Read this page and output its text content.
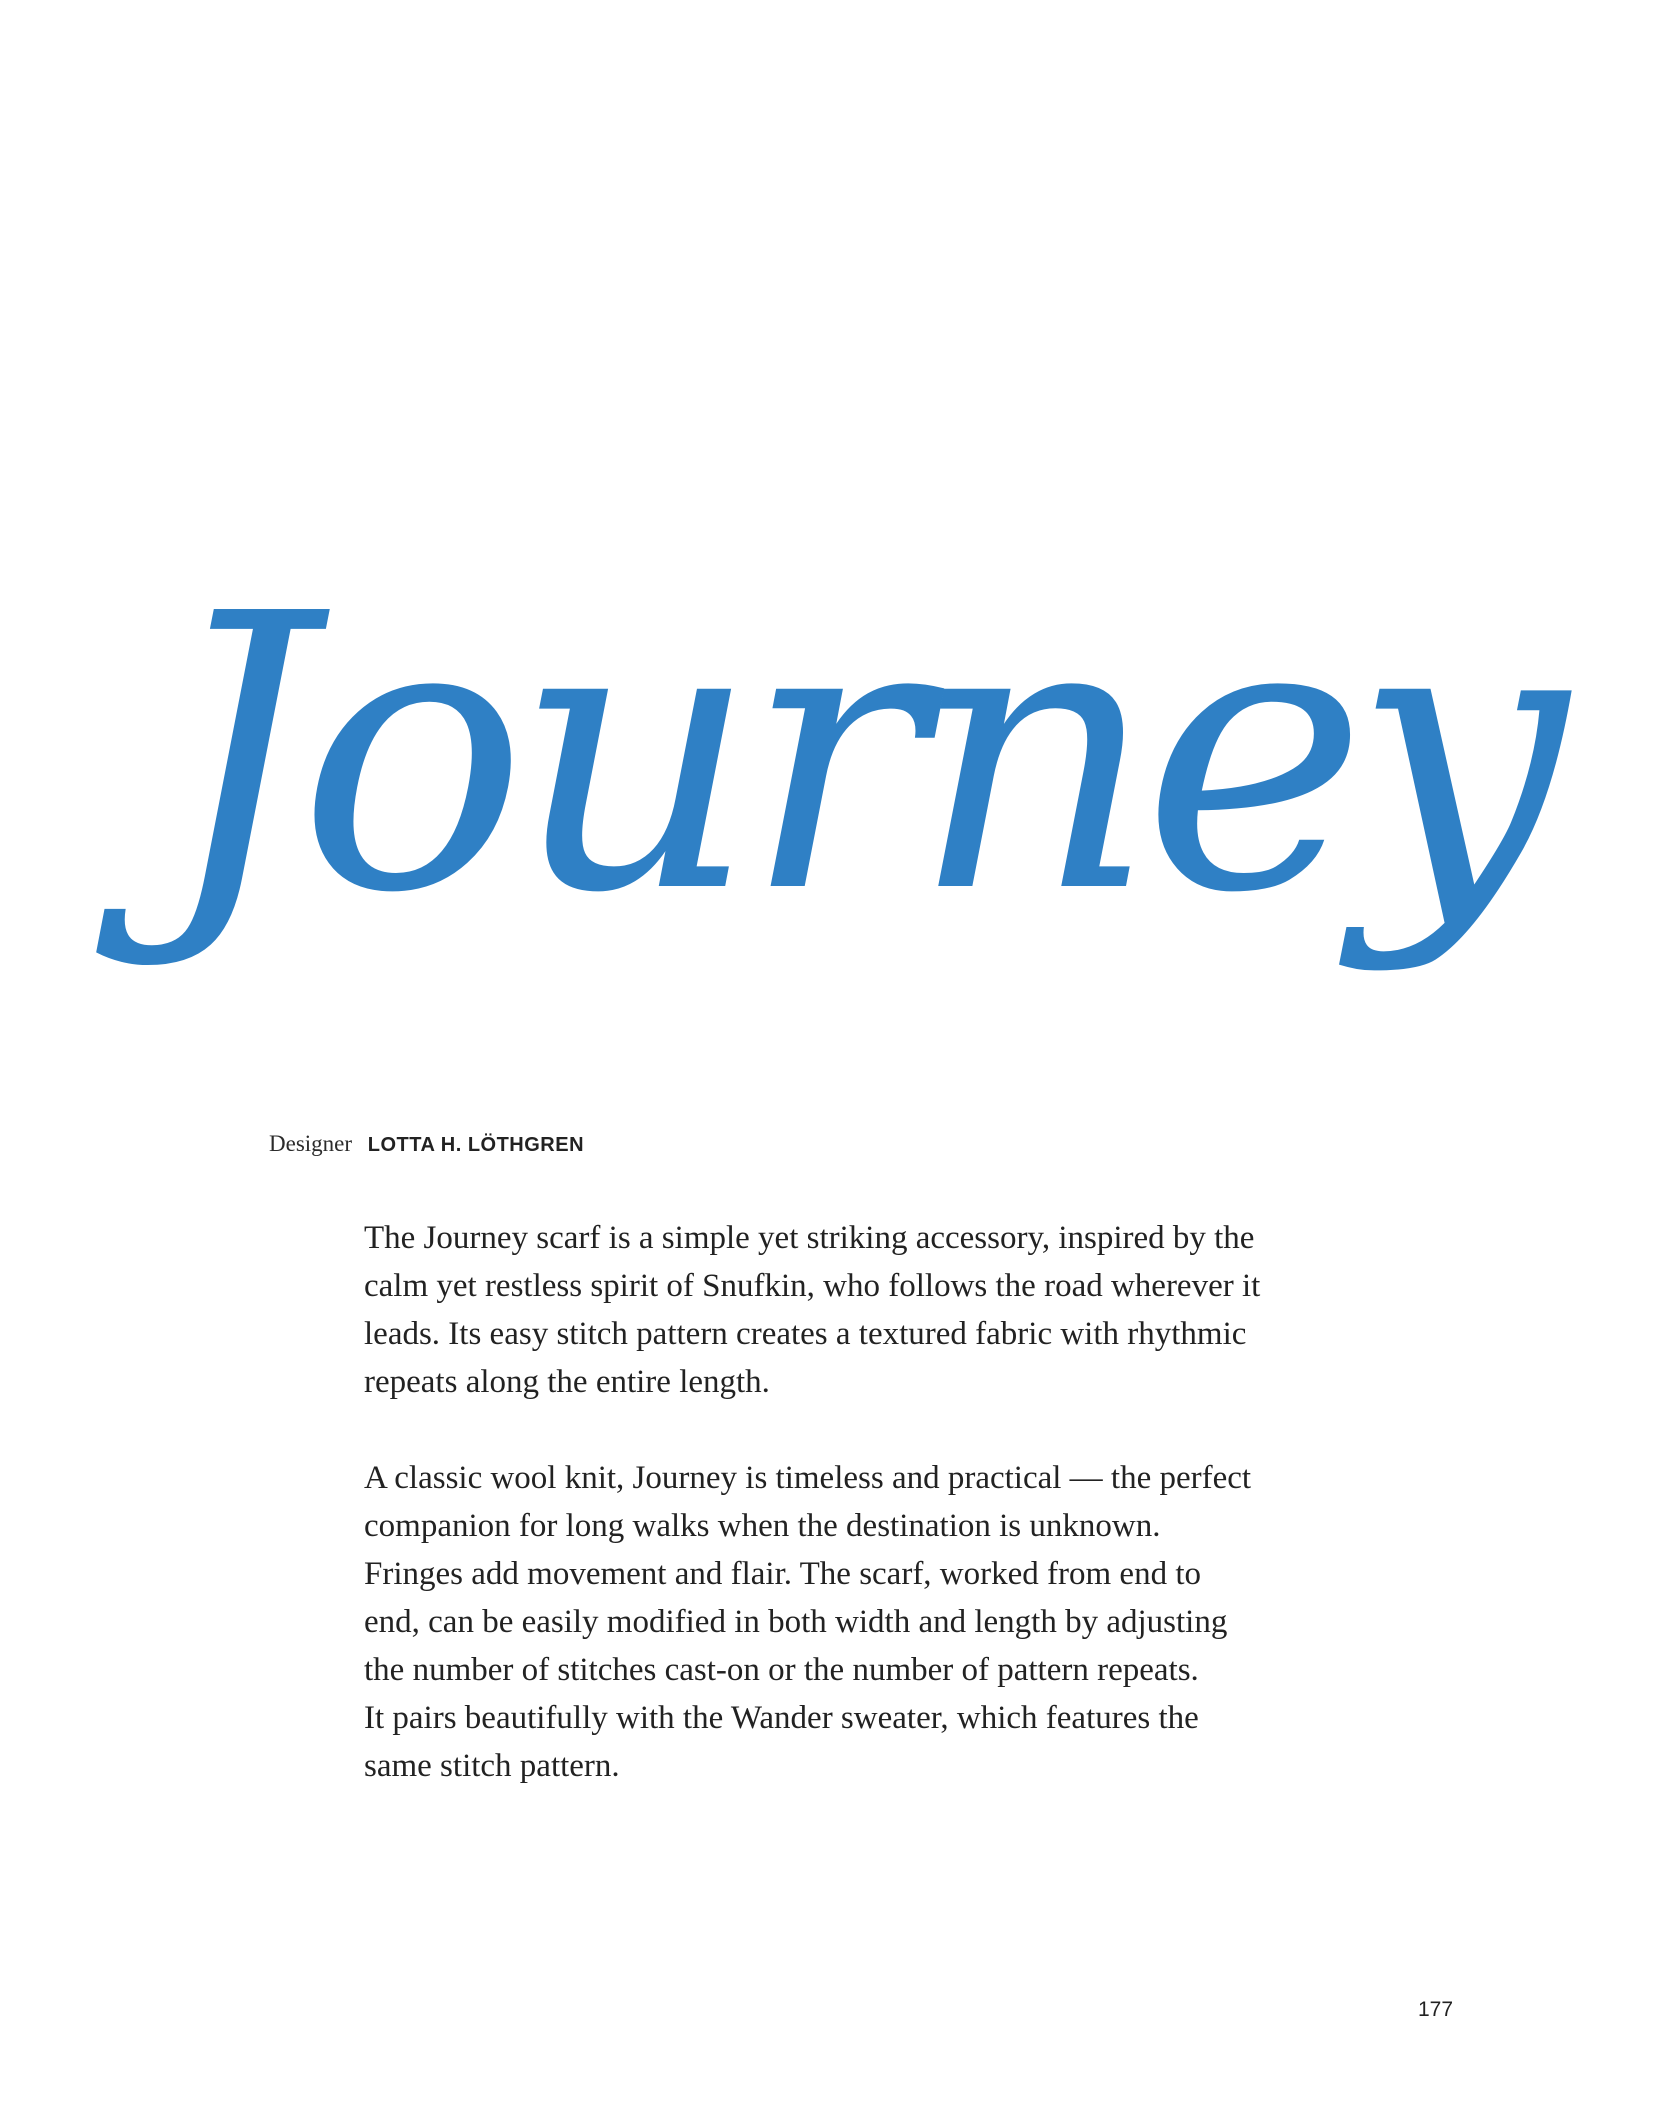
Journey
Designer LOTTA H. LÖTHGREN
The Journey scarf is a simple yet striking accessory, inspired by the
calm yet restless spirit of Snufkin, who follows the road wherever it
leads. Its easy stitch pattern creates a textured fabric with rhythmic
repeats along the entire length.
A classic wool knit, Journey is timeless and practical — the perfect
companion for long walks when the destination is unknown.
Fringes add movement and flair. The scarf, worked from end to
end, can be easily modified in both width and length by adjusting
the number of stitches cast-on or the number of pattern repeats.
It pairs beautifully with the Wander sweater, which features the
same stitch pattern.
177
